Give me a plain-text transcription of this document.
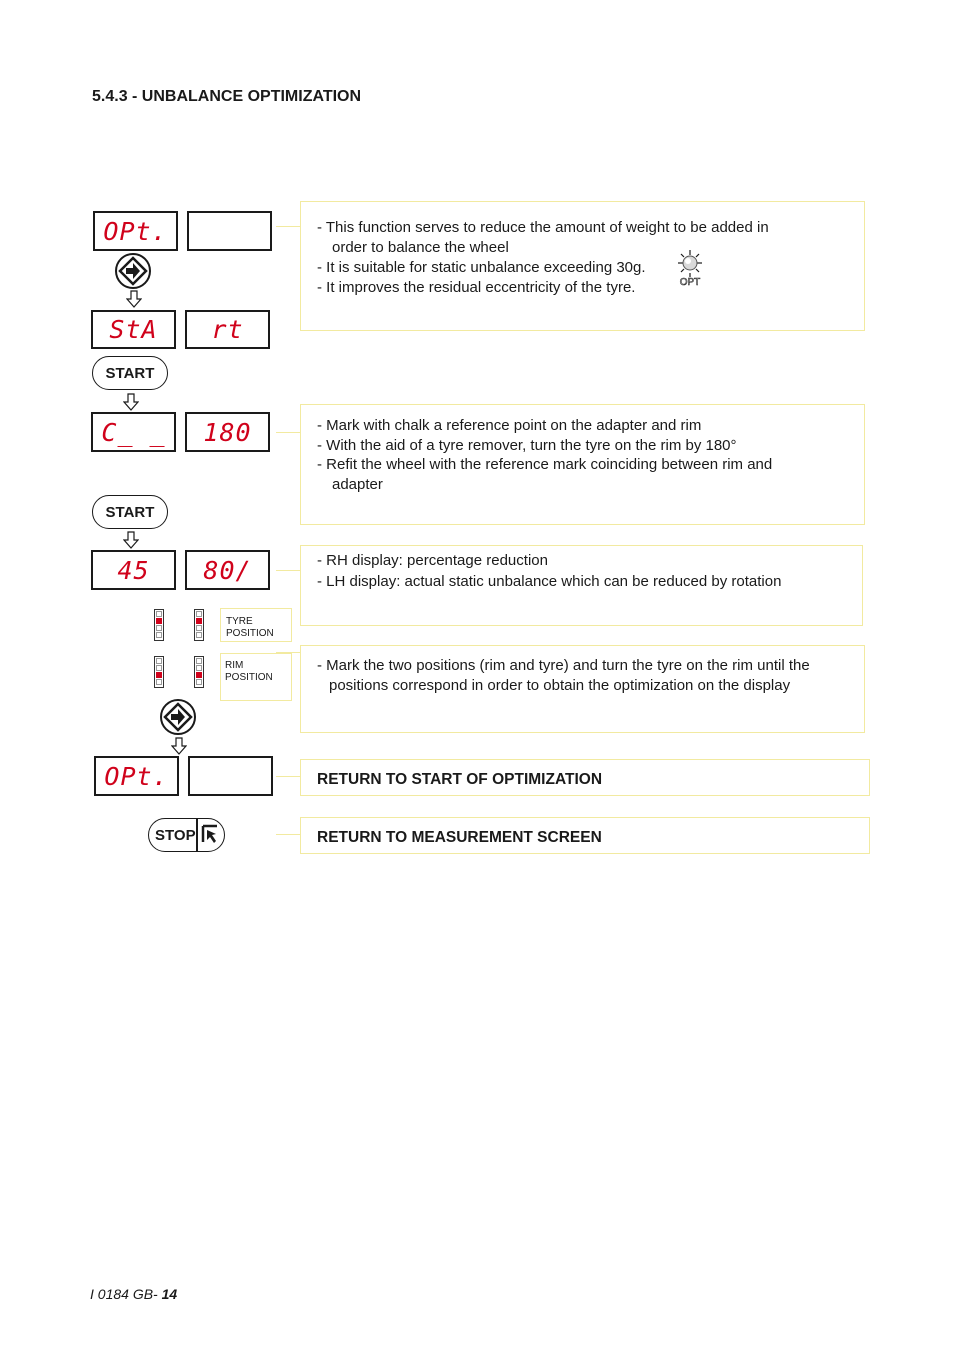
5.4.3 - UNBALANCE OPTIMIZATION
OPt.
StA	rt
START
C_ _	180
START
45	80∕
TYRE
POSITION
RIM POSITION
OPt.
STOP

- This function serves to reduce the amount of weight to be added in

order to balance the wheel

- It is suitable for static unbalance exceeding 30g.

- It improves the residual eccentricity of the tyre.	OPT

- Mark with chalk a reference point on the adapter and rim

- With the aid of a tyre remover, turn the tyre on the rim by 180°

- Refit the wheel with the reference mark coinciding between rim and

adapter

- RH display: percentage reduction

- LH display: actual static unbalance which can be reduced by rotation

- Mark the two positions (rim and tyre) and turn the tyre on the rim until the

positions correspond in order to obtain the optimization on the display

RETURN TO START OF OPTIMIZATION
RETURN TO MEASUREMENT SCREEN
I 0184 GB- 14
